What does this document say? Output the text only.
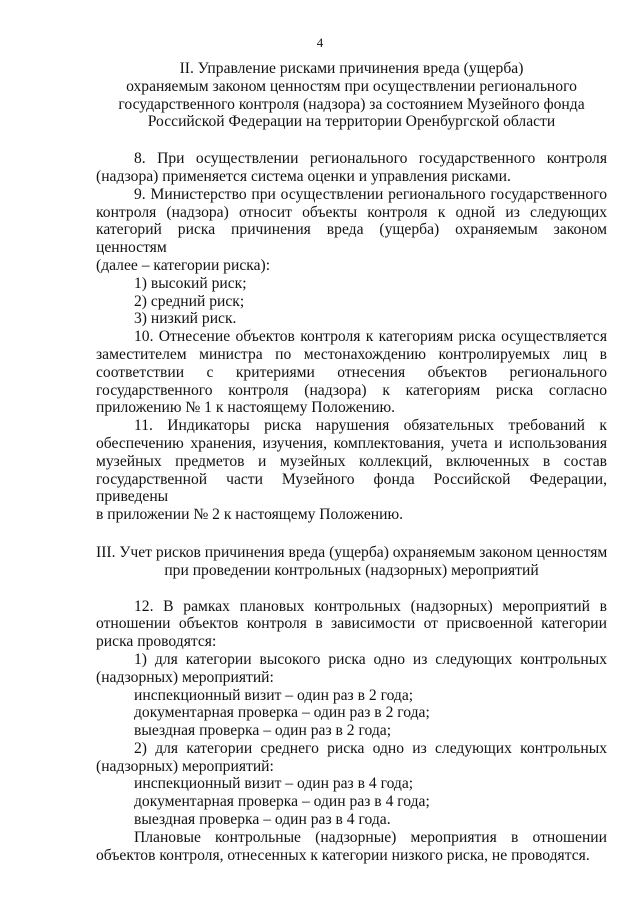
4
II. Управление рисками причинения вреда (ущерба)
охраняемым законом ценностям при осуществлении регионального
государственного контроля (надзора) за состоянием Музейного фонда
Российской Федерации на территории Оренбургской области
8. При осуществлении регионального государственного контроля
(надзора) применяется система оценки и управления рисками.
9. Министерство при осуществлении регионального государственного
контроля (надзора) относит объекты контроля к одной из следующих
категорий риска причинения вреда (ущерба) охраняемым законом ценностям
(далее – категории риска):
1) высокий риск;
2) средний риск;
3) низкий риск.
10. Отнесение объектов контроля к категориям риска осуществляется
заместителем министра по местонахождению контролируемых лиц в
соответствии с критериями отнесения объектов регионального
государственного контроля (надзора) к категориям риска согласно
приложению № 1 к настоящему Положению.
11. Индикаторы риска нарушения обязательных требований к
обеспечению хранения, изучения, комплектования, учета и использования
музейных предметов и музейных коллекций, включенных в состав
государственной части Музейного фонда Российской Федерации, приведены
в приложении № 2 к настоящему Положению.
III. Учет рисков причинения вреда (ущерба) охраняемым законом ценностям
при проведении контрольных (надзорных) мероприятий
12. В рамках плановых контрольных (надзорных) мероприятий в
отношении объектов контроля в зависимости от присвоенной категории
риска проводятся:
1) для категории высокого риска одно из следующих контрольных
(надзорных) мероприятий:
инспекционный визит – один раз в 2 года;
документарная проверка – один раз в 2 года;
выездная проверка – один раз в 2 года;
2) для категории среднего риска одно из следующих контрольных
(надзорных) мероприятий:
инспекционный визит – один раз в 4 года;
документарная проверка – один раз в 4 года;
выездная проверка – один раз в 4 года.
Плановые контрольные (надзорные) мероприятия в отношении
объектов контроля, отнесенных к категории низкого риска, не проводятся.
